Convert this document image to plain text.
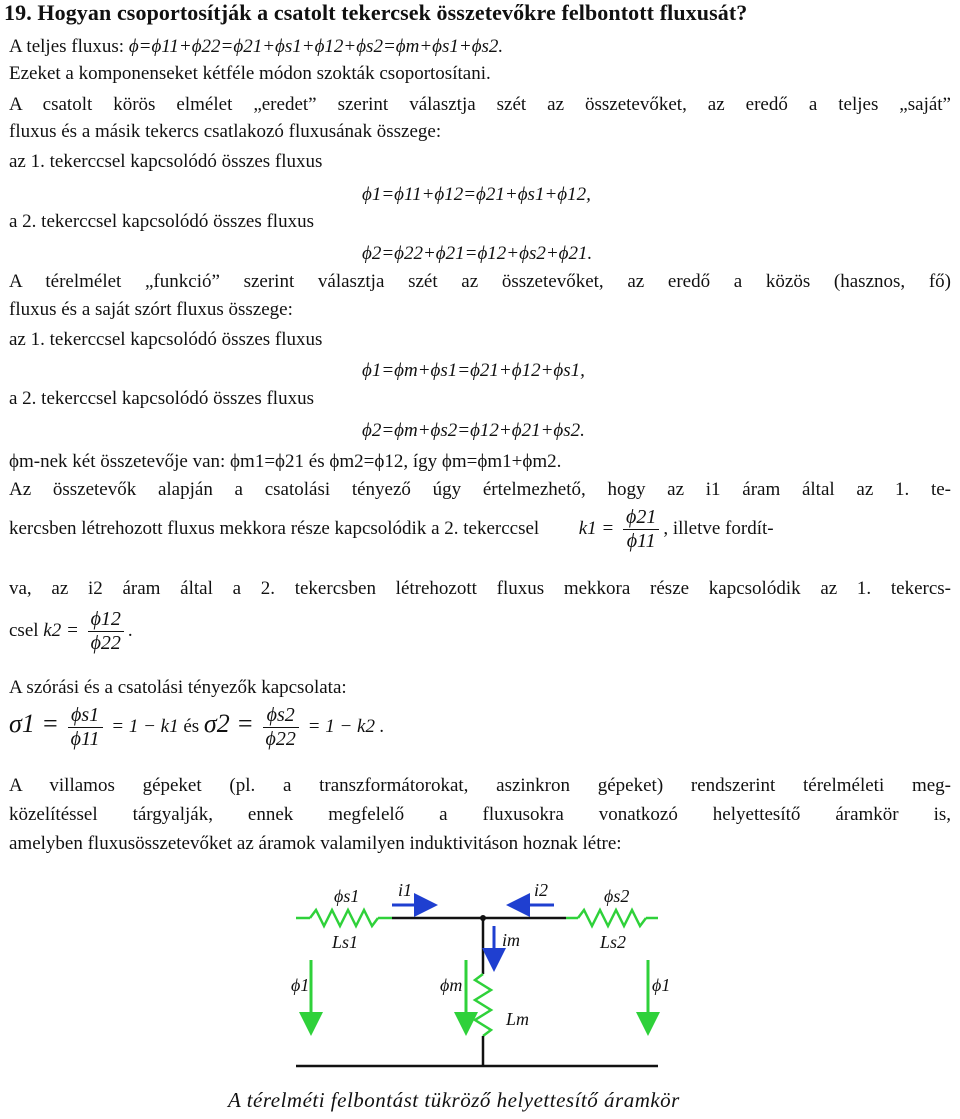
19. Hogyan csoportosítják a csatolt tekercsek összetevőkre felbontott fluxusát?
A teljes fluxus: ϕ=ϕ11+ϕ22=ϕ21+ϕs1+ϕ12+ϕs2=ϕm+ϕs1+ϕs2.
Ezeket a komponenseket kétféle módon szokták csoportosítani.
A csatolt körös elmélet „eredet” szerint választja szét az összetevőket, az eredő a teljes „saját”
fluxus és a másik tekercs csatlakozó fluxusának összege:
az 1. tekerccsel kapcsolódó összes fluxus
ϕ1=ϕ11+ϕ12=ϕ21+ϕs1+ϕ12,
a 2. tekerccsel kapcsolódó összes fluxus
ϕ2=ϕ22+ϕ21=ϕ12+ϕs2+ϕ21.
A térelmélet „funkció” szerint választja szét az összetevőket, az eredő a közös (hasznos, fő)
fluxus és a saját szórt fluxus összege:
az 1. tekerccsel kapcsolódó összes fluxus
ϕ1=ϕm+ϕs1=ϕ21+ϕ12+ϕs1,
a 2. tekerccsel kapcsolódó összes fluxus
ϕ2=ϕm+ϕs2=ϕ12+ϕ21+ϕs2.
ϕm-nek két összetevője van: ϕm1=ϕ21 és ϕm2=ϕ12, így ϕm=ϕm1+ϕm2.
Az összetevők alapján a csatolási tényező úgy értelmezhető, hogy az i1 áram által az 1. te-
kercsben létrehozott fluxus mekkora része kapcsolódik a 2. tekerccsel $k1 = \frac{\phi 21}{\phi 11}$ , illetve fordít-
va, az i2 áram által a 2. tekercsben létrehozott fluxus mekkora része kapcsolódik az 1. tekercs-
csel $k2 = \frac{\phi 12}{\phi 22}$ .
A szórási és a csatolási tényezők kapcsolata:
$\sigma 1 = \frac{\phi s1}{\phi 11} = 1 - k1$ és $\sigma 2 = \frac{\phi s2}{\phi 22} = 1 - k2$ .
A villamos gépeket (pl. a transzformátorokat, aszinkron gépeket) rendszerint térelméleti meg-
közelítéssel tárgyalják, ennek megfelelő a fluxusokra vonatkozó helyettesítő áramkör is,
amelyben fluxusösszetevőket az áramok valamilyen induktivitáson hoznak létre:
ϕs1 i1	i2	ϕs2
Ls1	Ls2
im
ϕ1	ϕm
Lm
ϕ1
A térelméti felbontást tükröző helyettesítő áramkör
